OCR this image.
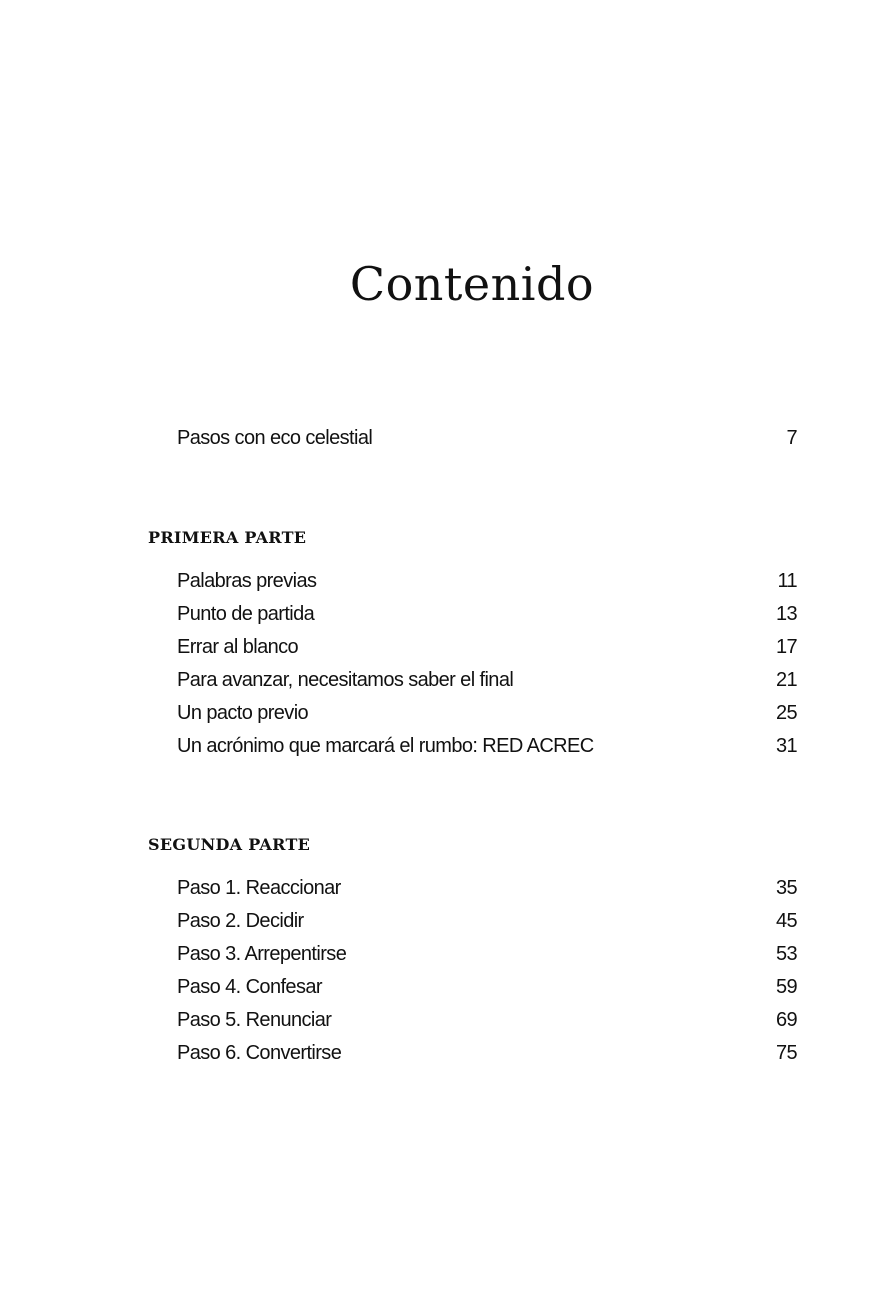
Contenido
Pasos con eco celestial	7
PRIMERA PARTE
Palabras previas	11
Punto de partida	13
Errar al blanco	17
Para avanzar, necesitamos saber el final	21
Un pacto previo	25
Un acrónimo que marcará el rumbo: RED ACREC	31
SEGUNDA PARTE
Paso 1. Reaccionar	35
Paso 2. Decidir	45
Paso 3. Arrepentirse	53
Paso 4. Confesar	59
Paso 5. Renunciar	69
Paso 6. Convertirse	75
